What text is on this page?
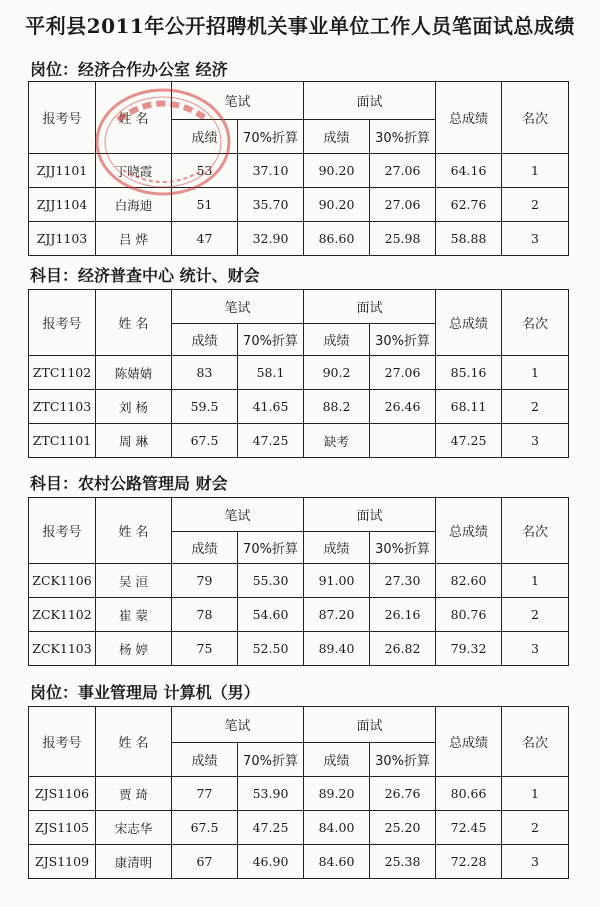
平利县2011年公开招聘机关事业单位工作人员笔面试总成绩
岗位：经济合作办公室 经济
报考号	姓 名	笔试		面试		总成绩	名次
		成绩	70%折算	成绩	30%折算		
ZJJ1101	丁晓霞	53	37.10	90.20	27.06	64.16	1
ZJJ1104	白海迪	51	35.70	90.20	27.06	62.76	2
ZJJ1103	吕 烨	47	32.90	86.60	25.98	58.88	3
科目：经济普查中心 统计、财会
报考号	姓 名	笔试		面试		总成绩	名次
		成绩	70%折算	成绩	30%折算		
ZTC1102	陈婧婧	83	58.1	90.2	27.06	85.16	1
ZTC1103	刘 杨	59.5	41.65	88.2	26.46	68.11	2
ZTC1101	周 琳	67.5	47.25	缺考		47.25	3
科目：农村公路管理局 财会
报考号	姓 名	笔试		面试		总成绩	名次
		成绩	70%折算	成绩	30%折算		
ZCK1106	吴 洹	79	55.30	91.00	27.30	82.60	1
ZCK1102	崔 蒙	78	54.60	87.20	26.16	80.76	2
ZCK1103	杨 婷	75	52.50	89.40	26.82	79.32	3
岗位：事业管理局 计算机（男）
报考号	姓 名	笔试		面试		总成绩	名次
		成绩	70%折算	成绩	30%折算		
ZJS1106	贾 琦	77	53.90	89.20	26.76	80.66	1
ZJS1105	宋志华	67.5	47.25	84.00	25.20	72.45	2
ZJS1109	康清明	67	46.90	84.60	25.38	72.28	3
